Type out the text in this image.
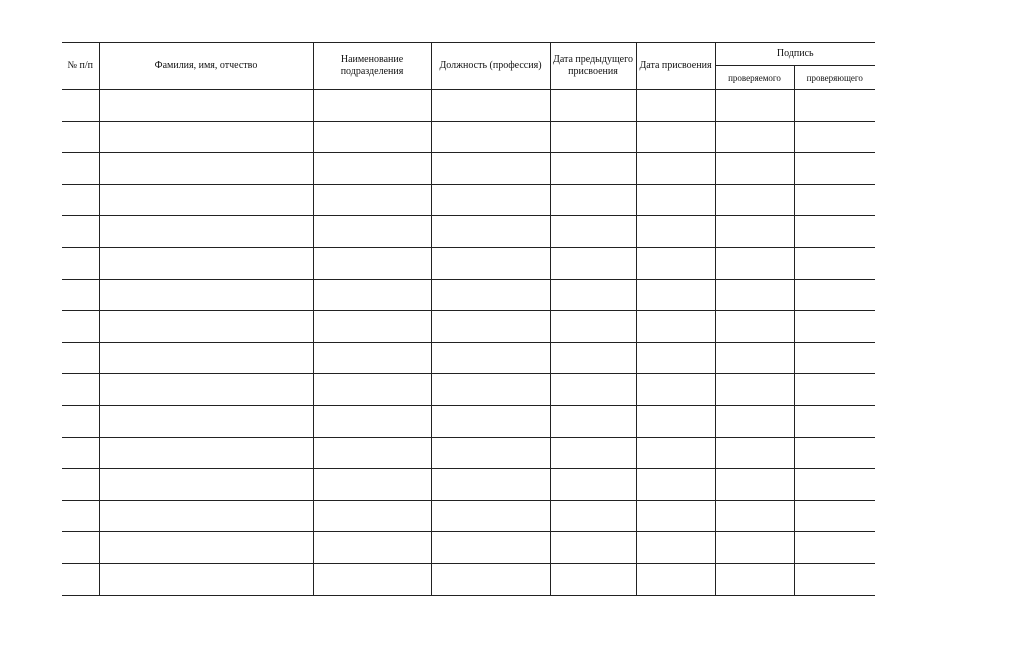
№ п/п	Фамилия, имя, отчество	Наименование подразделения	Должность (профессия)	Дата предыдущего присвоения	Дата присвоения	Подпись	
						проверяемого	проверяющего
